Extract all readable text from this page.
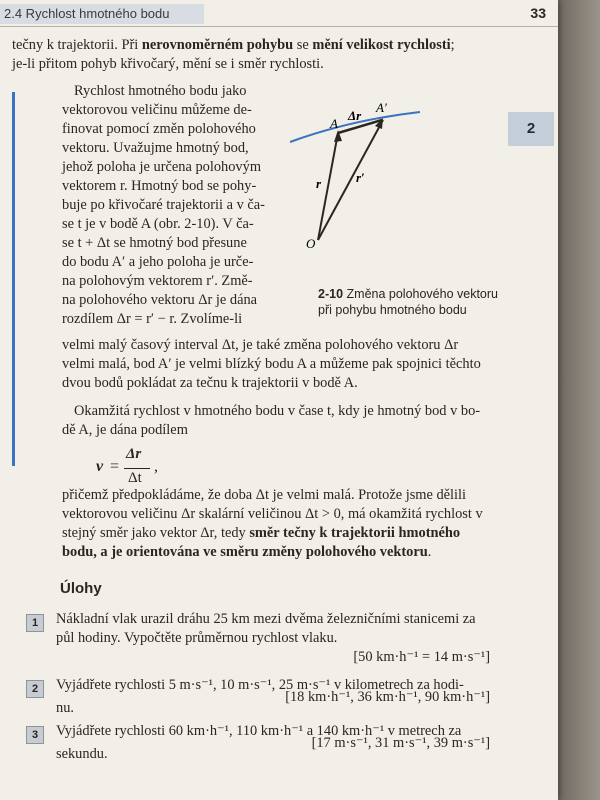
2.4 Rychlost hmotného bodu	33
2
tečny k trajektorii. Při nerovnoměrném pohybu se mění velikost rychlosti;
je-li přitom pohyb křivočarý, mění se i směr rychlosti.
Rychlost hmotného bodu jako
vektorovou veličinu můžeme de-
finovat pomocí změn polohového
vektoru. Uvažujme hmotný bod,
jehož poloha je určena polohovým
vektorem r. Hmotný bod se pohy-
buje po křivočaré trajektorii a v ča-
se t je v bodě A (obr. 2-10). V ča-
se t + Δt se hmotný bod přesune
do bodu A′ a jeho poloha je urče-
na polohovým vektorem r′. Změ-
na polohového vektoru Δr je dána
rozdílem Δr = r′ − r. Zvolíme-li
A
A′
Δr
r	r′
O
2-10 Změna polohového vektoru
při pohybu hmotného bodu
velmi malý časový interval Δt, je také změna polohového vektoru Δr
velmi malá, bod A′ je velmi blízký bodu A a můžeme pak spojnici těchto
dvou bodů pokládat za tečnu k trajektorii v bodě A.
Okamžitá rychlost v hmotného bodu v čase t, kdy je hmotný bod v bo-
dě A, je dána podílem
v =
Δr
Δt
,
přičemž předpokládáme, že doba Δt je velmi malá. Protože jsme dělili
vektorovou veličinu Δr skalární veličinou Δt > 0, má okamžitá rychlost v
stejný směr jako vektor Δr, tedy směr tečny k trajektorii hmotného
bodu, a je orientována ve směru změny polohového vektoru.
Úlohy
1	Nákladní vlak urazil dráhu 25 km mezi dvěma železničními stanicemi za
půl hodiny. Vypočtěte průměrnou rychlost vlaku.
[50 km·h⁻¹ = 14 m·s⁻¹]
2	Vyjádřete rychlosti 5 m·s⁻¹, 10 m·s⁻¹, 25 m·s⁻¹ v kilometrech za hodi-
nu.
[18 km·h⁻¹, 36 km·h⁻¹, 90 km·h⁻¹]
3	Vyjádřete rychlosti 60 km·h⁻¹, 110 km·h⁻¹ a 140 km·h⁻¹ v metrech za
sekundu.
[17 m·s⁻¹, 31 m·s⁻¹, 39 m·s⁻¹]
